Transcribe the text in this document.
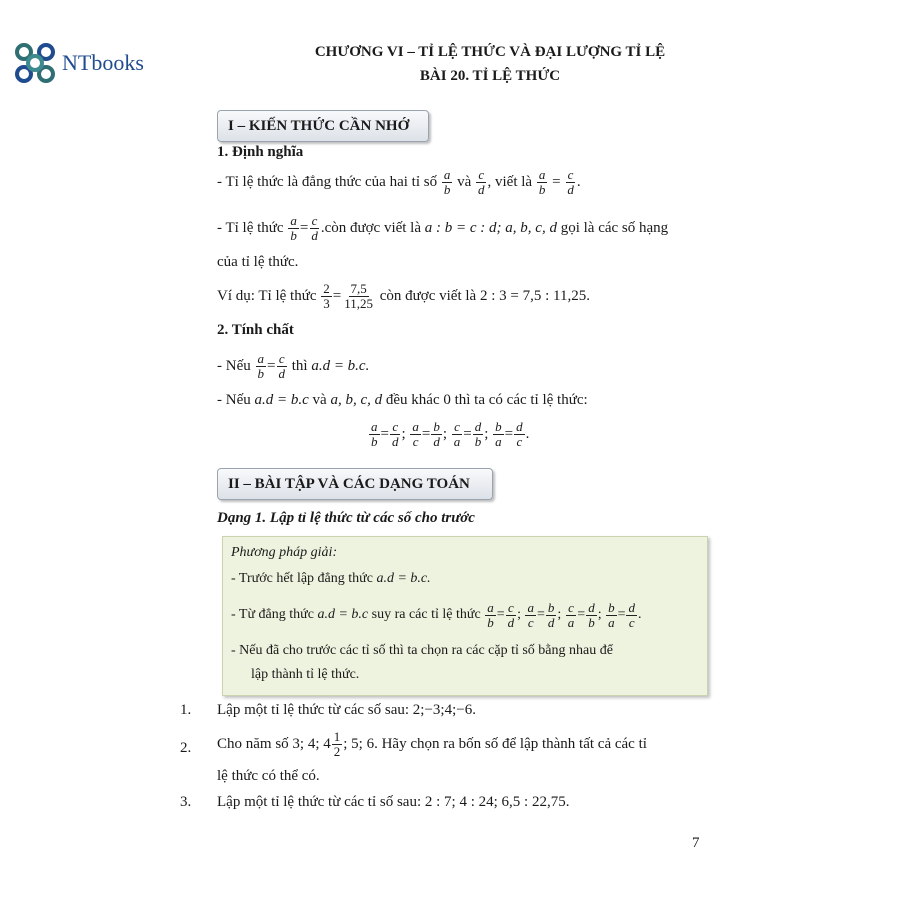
NTbooks	CHƯƠNG VI – TỈ LỆ THỨC VÀ ĐẠI LƯỢNG TỈ LỆ
BÀI 20. TỈ LỆ THỨC
I – KIẾN THỨC CẦN NHỚ
1. Định nghĩa
- Tỉ lệ thức là đẳng thức của hai tỉ số
$\frac{a}{b}$
và
$\frac{c}{d}$ , viết là
$\frac{a}{b} = \frac{c}{d}$ .
- Tỉ lệ thức
$\frac{a}{b} = \frac{c}{d}$ .còn được viết là
a : b = c : d ; a, b, c, d
gọi là các số hạng
của tỉ lệ thức.
Ví dụ: Tỉ lệ thức
$\frac{2}{3} = \frac{7,5}{11,25}$
còn được viết là
2 : 3 = 7,5 : 11,25.
2. Tính chất
- Nếu
$\frac{a}{b} = \frac{c}{d}$
thì
a.d = b.c.
- Nếu a.d = b.c và a, b, c, d đều khác 0 thì ta có các tỉ lệ thức:
$\frac{a}{b} = \frac{c}{d}$ ; $\frac{a}{c} = \frac{b}{d}$ ; $\frac{c}{a} = \frac{d}{b}$ ; $\frac{b}{a} = \frac{d}{c}$ .
II – BÀI TẬP VÀ CÁC DẠNG TOÁN
Dạng 1. Lập tỉ lệ thức từ các số cho trước
Phương pháp giải:
- Trước hết lập đẳng thức a.d = b.c.
- Từ đẳng thức
a.d = b.c
suy ra các tỉ lệ thức
$\frac{a}{b} = \frac{c}{d}$ ; $\frac{a}{c} = \frac{b}{d}$ ; $\frac{c}{a} = \frac{d}{b}$ ; $\frac{b}{a} = \frac{d}{c}$ .
- Nếu đã cho trước các tỉ số thì ta chọn ra các cặp tỉ số bằng nhau để
lập thành tỉ lệ thức.
1. Lập một tỉ lệ thức từ các số sau: 2;−3;4;−6.
2. Cho năm số 3; 4; $4 \frac{1}{2}$ ; 5; 6. Hãy chọn ra bốn số để lập thành tất cả các tỉ
lệ thức có thể có.
3. Lập một tỉ lệ thức từ các tỉ số sau: 2 : 7; 4 : 24; 6,5 : 22,75.
7
